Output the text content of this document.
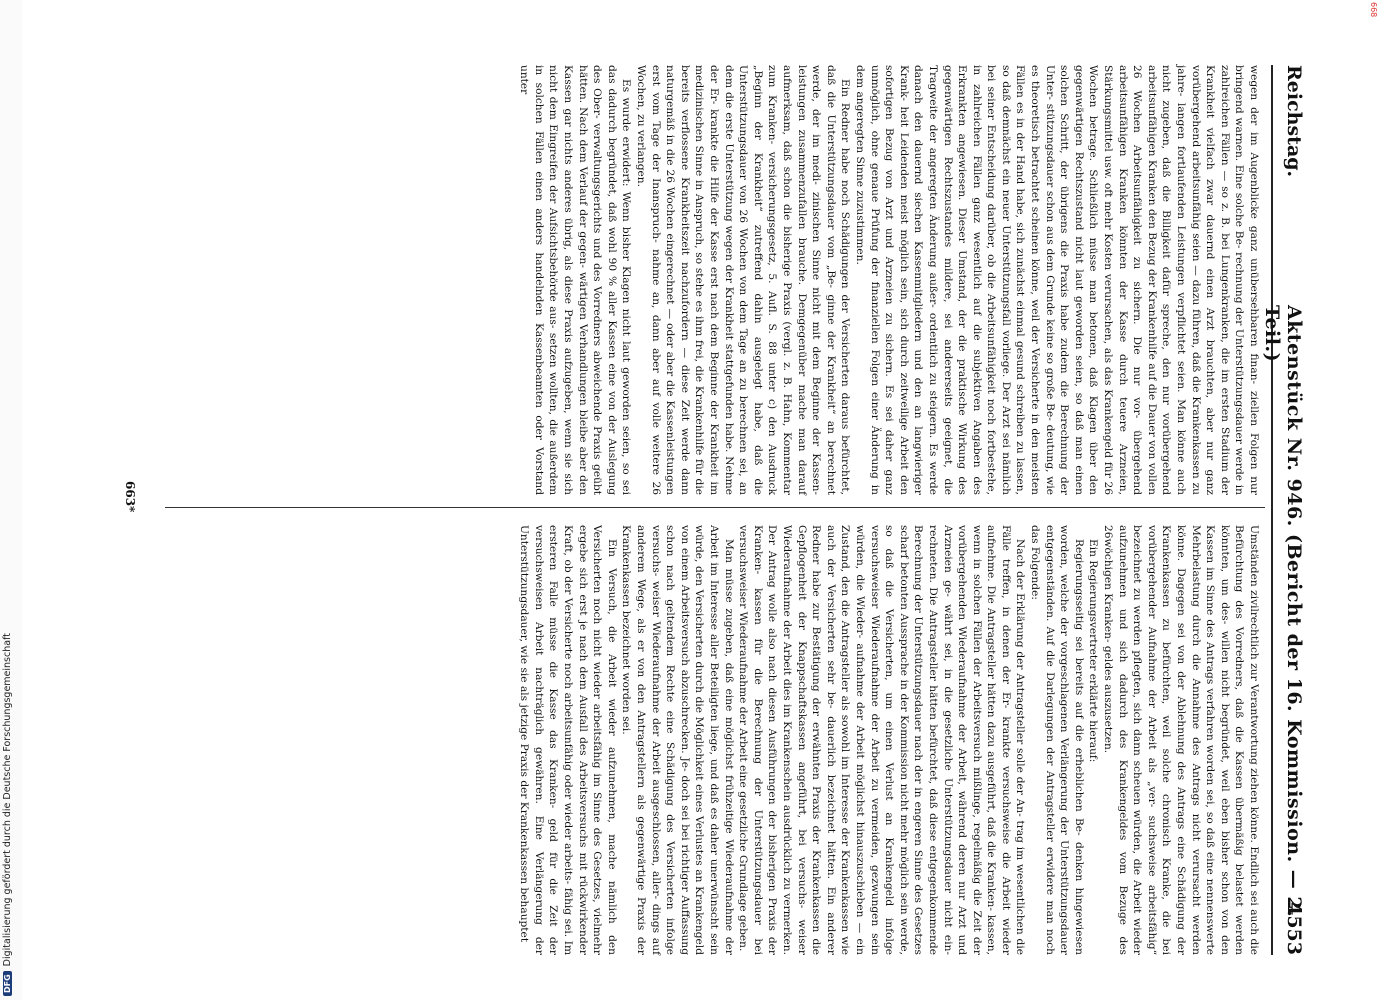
DFGDigitalisierung gefördert durch die Deutsche Forschungsgemeinschaft
668
Reichstag.
Aktenstück Nr. 946. (Bericht der 16. Kommission. — 2. Teil.)
4553

wegen der im Augenblicke ganz unübersehbaren finan- ziellen Folgen nur bringend warnen. Eine solche Be- rechnung der Unterstützungsdauer werde in zahlreichen Fällen — so z. B. bei Lungenkranken, die im ersten Stadium der Krankheit vielfach zwar dauernd einen Arzt brauchten, aber nur ganz vorübergehend arbeitsunfähig seien — dazu führen, daß die Krankenkassen zu jahre- langen fortlaufenden Leistungen verpflichtet seien. Man könne auch nicht zugeben, daß die Billigkeit dafür spreche, den nur vorübergehend arbeitsunfähigen Kranken den Bezug der Krankenhilfe auf die Dauer von vollen 26 Wochen Arbeitsunfähigkeit zu sichern. Die nur vor- übergehend arbeitsunfähigen Kranken könnten der Kasse durch teuere Arzneien, Stärkungsmittel usw. oft mehr Kosten verursachen, als das Krankengeld für 26 Wochen betrage. Schließlich müsse man betonen, daß Klagen über den gegenwärtigen Rechtszustand nicht laut geworden seien, so daß man einen solchen Schritt, der übrigens die Praxis habe zudem die Berechnung der Unter- stützungsdauer schon aus dem Grunde keine so große Be- deutung, wie es theoretisch betrachtet scheinen könne, weil der Versicherte in den meisten Fällen es in der Hand habe, sich zunächst einmal gesund schreiben zu lassen, so daß demnächst ein neuer Unterstützungsfall vorliege. Der Arzt sei nämlich bei seiner Entscheidung darüber, ob die Arbeitsunfähigkeit noch fortbestehe, in zahlreichen Fällen ganz wesentlich auf die subjektiven Angaben des Erkrankten angewiesen. Dieser Umstand, der die praktische Wirkung des gegenwärtigen Rechtszustandes mildere, sei andererseits geeignet, die Tragweite der angeregten Änderung außer- ordentlich zu steigern. Es werde danach den dauernd siechen Kassenmitgliedern und den an langwieriger Krank- heit Leidenden meist möglich sein, sich durch zeitweilige Arbeit den sofortigen Bezug von Arzt und Arzneien zu sichern. Es sei daher ganz unmöglich, ohne genaue Prüfung der finanziellen Folgen einer Änderung in dem angeregten Sinne zuzustimmen.

Ein Redner habe noch Schädigungen der Versicherten daraus befürchtet, daß die Unterstützungsdauer vom „Be- ginne der Krankheit“ an berechnet werde, der im medi- zinischen Sinne nicht mit dem Beginne der Kassen- leistungen zusammenzufallen brauche. Demgegenüber mache man darauf aufmerksam, daß schon die bisherige Praxis (vergl. z. B. Hahn, Kommentar zum Kranken- versicherungsgesetz, 5. Aufl. S. 88 unter c) den Ausdruck „Beginn der Krankheit“ zutreffend dahin ausgelegt habe, daß die Unterstützungsdauer von 26 Wochen von dem Tage an zu berechnen sei, an dem die erste Unterstützung wegen der Krankheit stattgefunden habe. Nehme der Er- krankte die Hilfe der Kasse erst nach dem Beginne der Krankheit im medizinischen Sinne in Anspruch, so stehe es ihm frei, die Krankenhilfe für die bereits verflossene Krankheitszeit nachzufordern — diese Zeit werde dann naturgemäß in die 26 Wochen eingerechnet — oder aber die Kassenleistungen erst vom Tage der Inanspruch- nahme an, dann aber auf volle weitere 26 Wochen, zu verlangen.

Es wurde erwidert: Wenn bisher Klagen nicht laut geworden seien, so sei das dadurch begründet, daß wohl 90 % aller Kassen eine von der Auslegung des Ober- verwaltungsgerichts und des Vorredners abweichende Praxis geübt hätten. Nach dem Verlauf der gegen- wärtigen Verhandlungen bleibe aber den Kassen gar nichts anderes übrig, als diese Praxis aufzugeben, wenn sie sich nicht dem Eingreifen der Aufsichtsbehörde aus- setzen wollten, die außerdem in solchen Fällen einen anders handelnden Kassenbeamten oder Vorstand unter

Umständen zivilrechtlich zur Verantwortung ziehen könne. Endlich sei auch die Befürchtung des Vorredners, daß die Kassen übermäßig belastet werden könnten, um des- willen nicht begründet, weil eben bisher schon von den Kassen im Sinne des Antrags verfahren worden sei, so daß eine nennenswerte Mehrbelastung durch die Annahme des Antrags nicht verursacht werden könne. Dagegen sei von der Ablehnung des Antrags eine Schädigung der Krankenkassen zu befürchten, weil solche chronisch Kranke, die bei vorübergehender Aufnahme der Arbeit als „ver- suchsweise arbeitsfähig“ bezeichnet zu werden pflegten, sich dann scheuen würden, die Arbeit wieder aufzunehmen und sich dadurch des Krankengeldes vom Bezuge des 26wöchigen Kranken- geldes auszusetzen.

Ein Regierungsvertreter erklärte hierauf:

Regierungsseitig sei bereits auf die erheblichen Be- denken hingewiesen worden, welche der vorgeschlagenen Verlängerung der Unterstützungsdauer entgegenständen. Auf die Darlegungen der Antragsteller erwidere man noch das Folgende:

Nach der Erklärung der Antragsteller solle der An- trag im wesentlichen die Fälle treffen, in denen der Er- krankte versuchsweise die Arbeit wieder aufnehme. Die Antragsteller hätten dazu ausgeführt, daß die Kranken- kassen, wenn in solchen Fällen der Arbeitsversuch mißlinge, regelmäßig die Zeit der vorübergehenden Wiederaufnahme der Arbeit, während deren nur Arzt und Arzneien ge- währt sei, in die gesetzliche Unterstützungsdauer nicht ein- rechneten. Die Antragsteller hätten befürchtet, daß diese entgegenkommende Berechnung der Unterstützungsdauer nach der in engeren Sinne des Gesetzes scharf betonten Aussprache in der Kommission nicht mehr möglich sein werde, so daß die Versicherten, um einen Verlust an Krankengeld infolge versuchsweiser Wiederaufnahme der Arbeit zu vermeiden, gezwungen sein würden, die Wieder- aufnahme der Arbeit möglichst hinauszuschieben — ein Zustand, den die Antragsteller als sowohl im Interesse der Krankenkassen wie auch der Versicherten sehr be- dauerlich bezeichnet hätten. Ein anderer Redner habe zur Bestätigung der erwähnten Praxis der Krankenkassen die Gepflogenheit der Knappschaftskassen angeführt, bei versuchs- weiser Wiederaufnahme der Arbeit dies im Krankenschein ausdrücklich zu vermerken. Der Antrag wolle also nach diesen Ausführungen der bisherigen Praxis der Kranken- kassen für die Berechnung der Unterstützungsdauer bei versuchsweiser Wiederaufnahme der Arbeit eine gesetzliche Grundlage geben.

Man müsse zugeben, daß eine möglichst frühzeitige Wiederaufnahme der Arbeit im Interesse aller Beteiligten liege, und daß es daher unerwünscht sein würde, den Versicherten durch die Möglichkeit eines Verlustes an Krankengeld von einem Arbeitsversuch abzuschrecken. Je- doch sei bei richtiger Auffassung schon nach geltendem Rechte eine Schädigung des Versicherten infolge versuchs- weiser Wiederaufnahme der Arbeit ausgeschlossen, aller- dings auf anderem Wege, als er von den Antragstellern als gegenwärtige Praxis der Krankenkassen bezeichnet worden sei.

Ein Versuch, die Arbeit wieder aufzunehmen, mache nämlich den Versicherten noch nicht wieder arbeitsfähig im Sinne des Gesetzes, vielmehr ergebe sich erst je nach dem Ausfall des Arbeitsversuchs mit rückwirkender Kraft, ob der Versicherte noch arbeitsunfähig oder wieder arbeits- fähig sei. Im ersteren Falle müsse die Kasse das Kranken- geld für die Zeit der versuchsweisen Arbeit nachträglich gewähren. Eine Verlängerung der Unterstützungsdauer, wie sie als jetzige Praxis der Krankenkassen behauptet

663*
